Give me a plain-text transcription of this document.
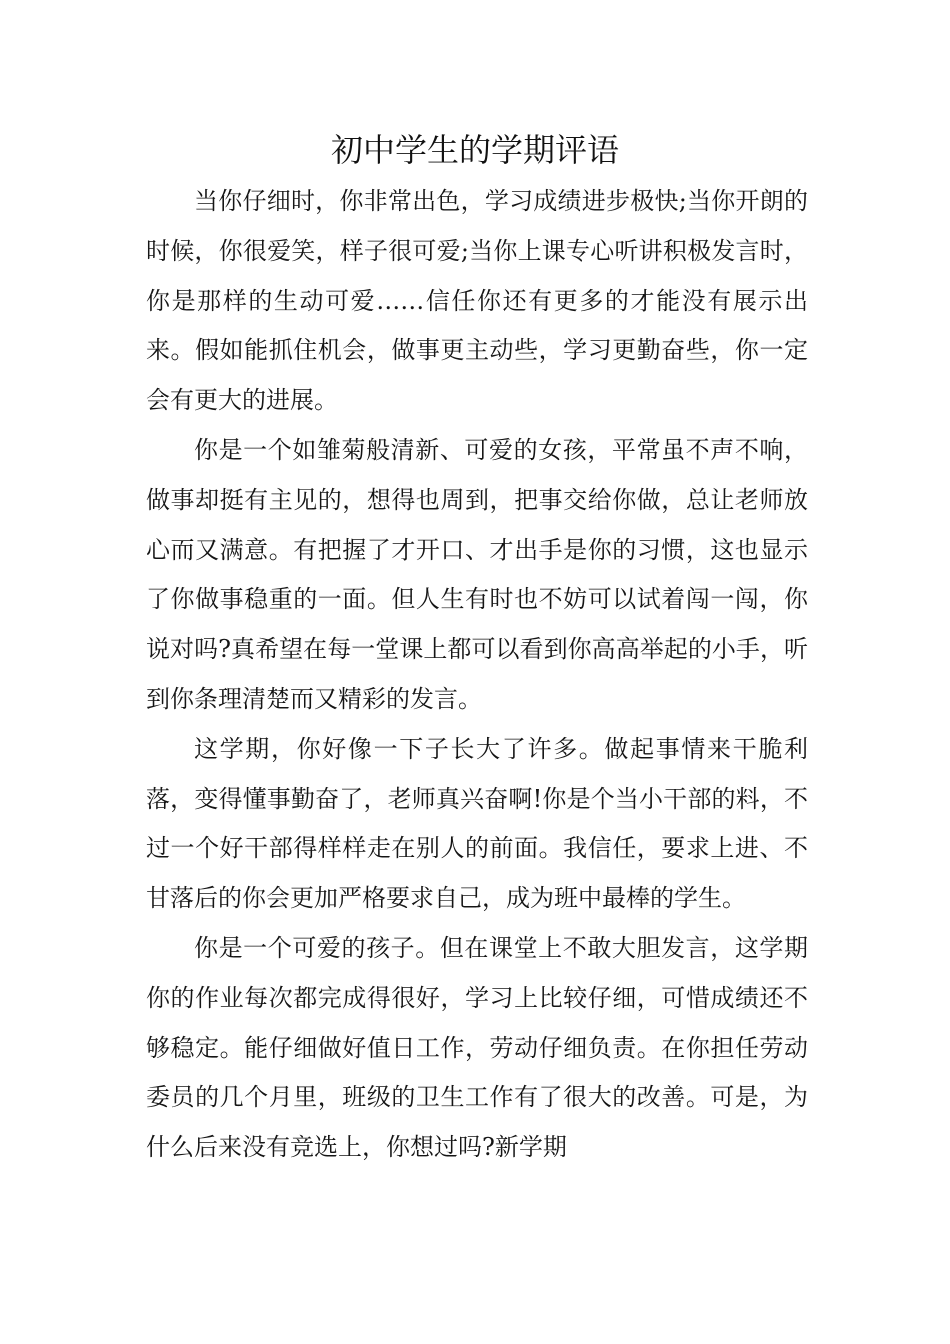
初中学生的学期评语

当你仔细时，你非常出色，学习成绩进步极快;当你开朗的时候，你很爱笑，样子很可爱;当你上课专心听讲积极发言时，你是那样的生动可爱……信任你还有更多的才能没有展示出来。假如能抓住机会，做事更主动些，学习更勤奋些，你一定会有更大的进展。

你是一个如雏菊般清新、可爱的女孩，平常虽不声不响，做事却挺有主见的，想得也周到，把事交给你做，总让老师放心而又满意。有把握了才开口、才出手是你的习惯，这也显示了你做事稳重的一面。但人生有时也不妨可以试着闯一闯，你说对吗?真希望在每一堂课上都可以看到你高高举起的小手，听到你条理清楚而又精彩的发言。

这学期，你好像一下子长大了许多。做起事情来干脆利落，变得懂事勤奋了，老师真兴奋啊!你是个当小干部的料，不过一个好干部得样样走在别人的前面。我信任，要求上进、不甘落后的你会更加严格要求自己，成为班中最棒的学生。

你是一个可爱的孩子。但在课堂上不敢大胆发言，这学期你的作业每次都完成得很好，学习上比较仔细，可惜成绩还不够稳定。能仔细做好值日工作，劳动仔细负责。在你担任劳动委员的几个月里，班级的卫生工作有了很大的改善。可是，为什么后来没有竞选上，你想过吗?新学期
